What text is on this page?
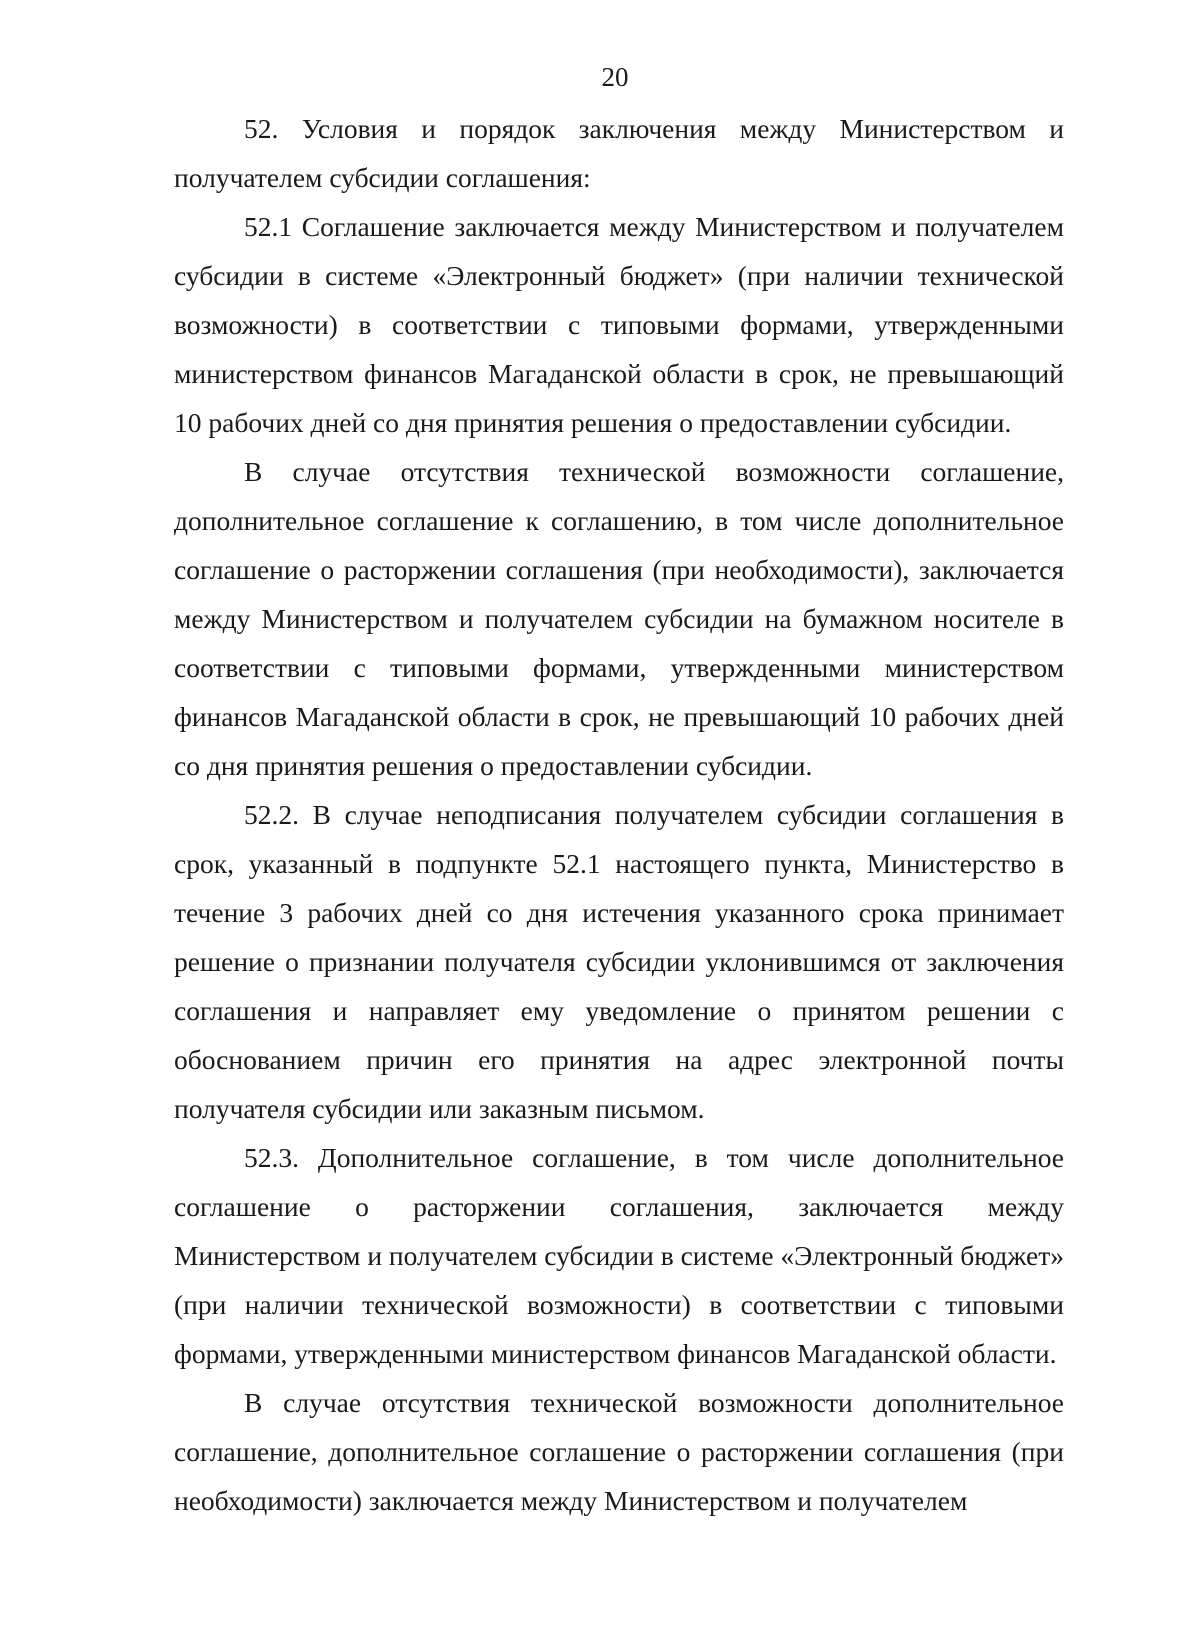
20

52. Условия и порядок заключения между Министерством и получателем субсидии соглашения:

52.1 Соглашение заключается между Министерством и получателем субсидии в системе «Электронный бюджет» (при наличии технической возможности) в соответствии с типовыми формами, утвержденными министерством финансов Магаданской области в срок, не превышающий 10 рабочих дней со дня принятия решения о предоставлении субсидии.

В случае отсутствия технической возможности соглашение, дополнительное соглашение к соглашению, в том числе дополнительное соглашение о расторжении соглашения (при необходимости), заключается между Министерством и получателем субсидии на бумажном носителе в соответствии с типовыми формами, утвержденными министерством финансов Магаданской области в срок, не превышающий 10 рабочих дней со дня принятия решения о предоставлении субсидии.

52.2. В случае неподписания получателем субсидии соглашения в срок, указанный в подпункте 52.1 настоящего пункта, Министерство в течение 3 рабочих дней со дня истечения указанного срока принимает решение о признании получателя субсидии уклонившимся от заключения соглашения и направляет ему уведомление о принятом решении с обоснованием причин его принятия на адрес электронной почты получателя субсидии или заказным письмом.

52.3. Дополнительное соглашение, в том числе дополнительное соглашение о расторжении соглашения, заключается между Министерством и получателем субсидии в системе «Электронный бюджет» (при наличии технической возможности) в соответствии с типовыми формами, утвержденными министерством финансов Магаданской области.

В случае отсутствия технической возможности дополнительное соглашение, дополнительное соглашение о расторжении соглашения (при необходимости) заключается между Министерством и получателем
